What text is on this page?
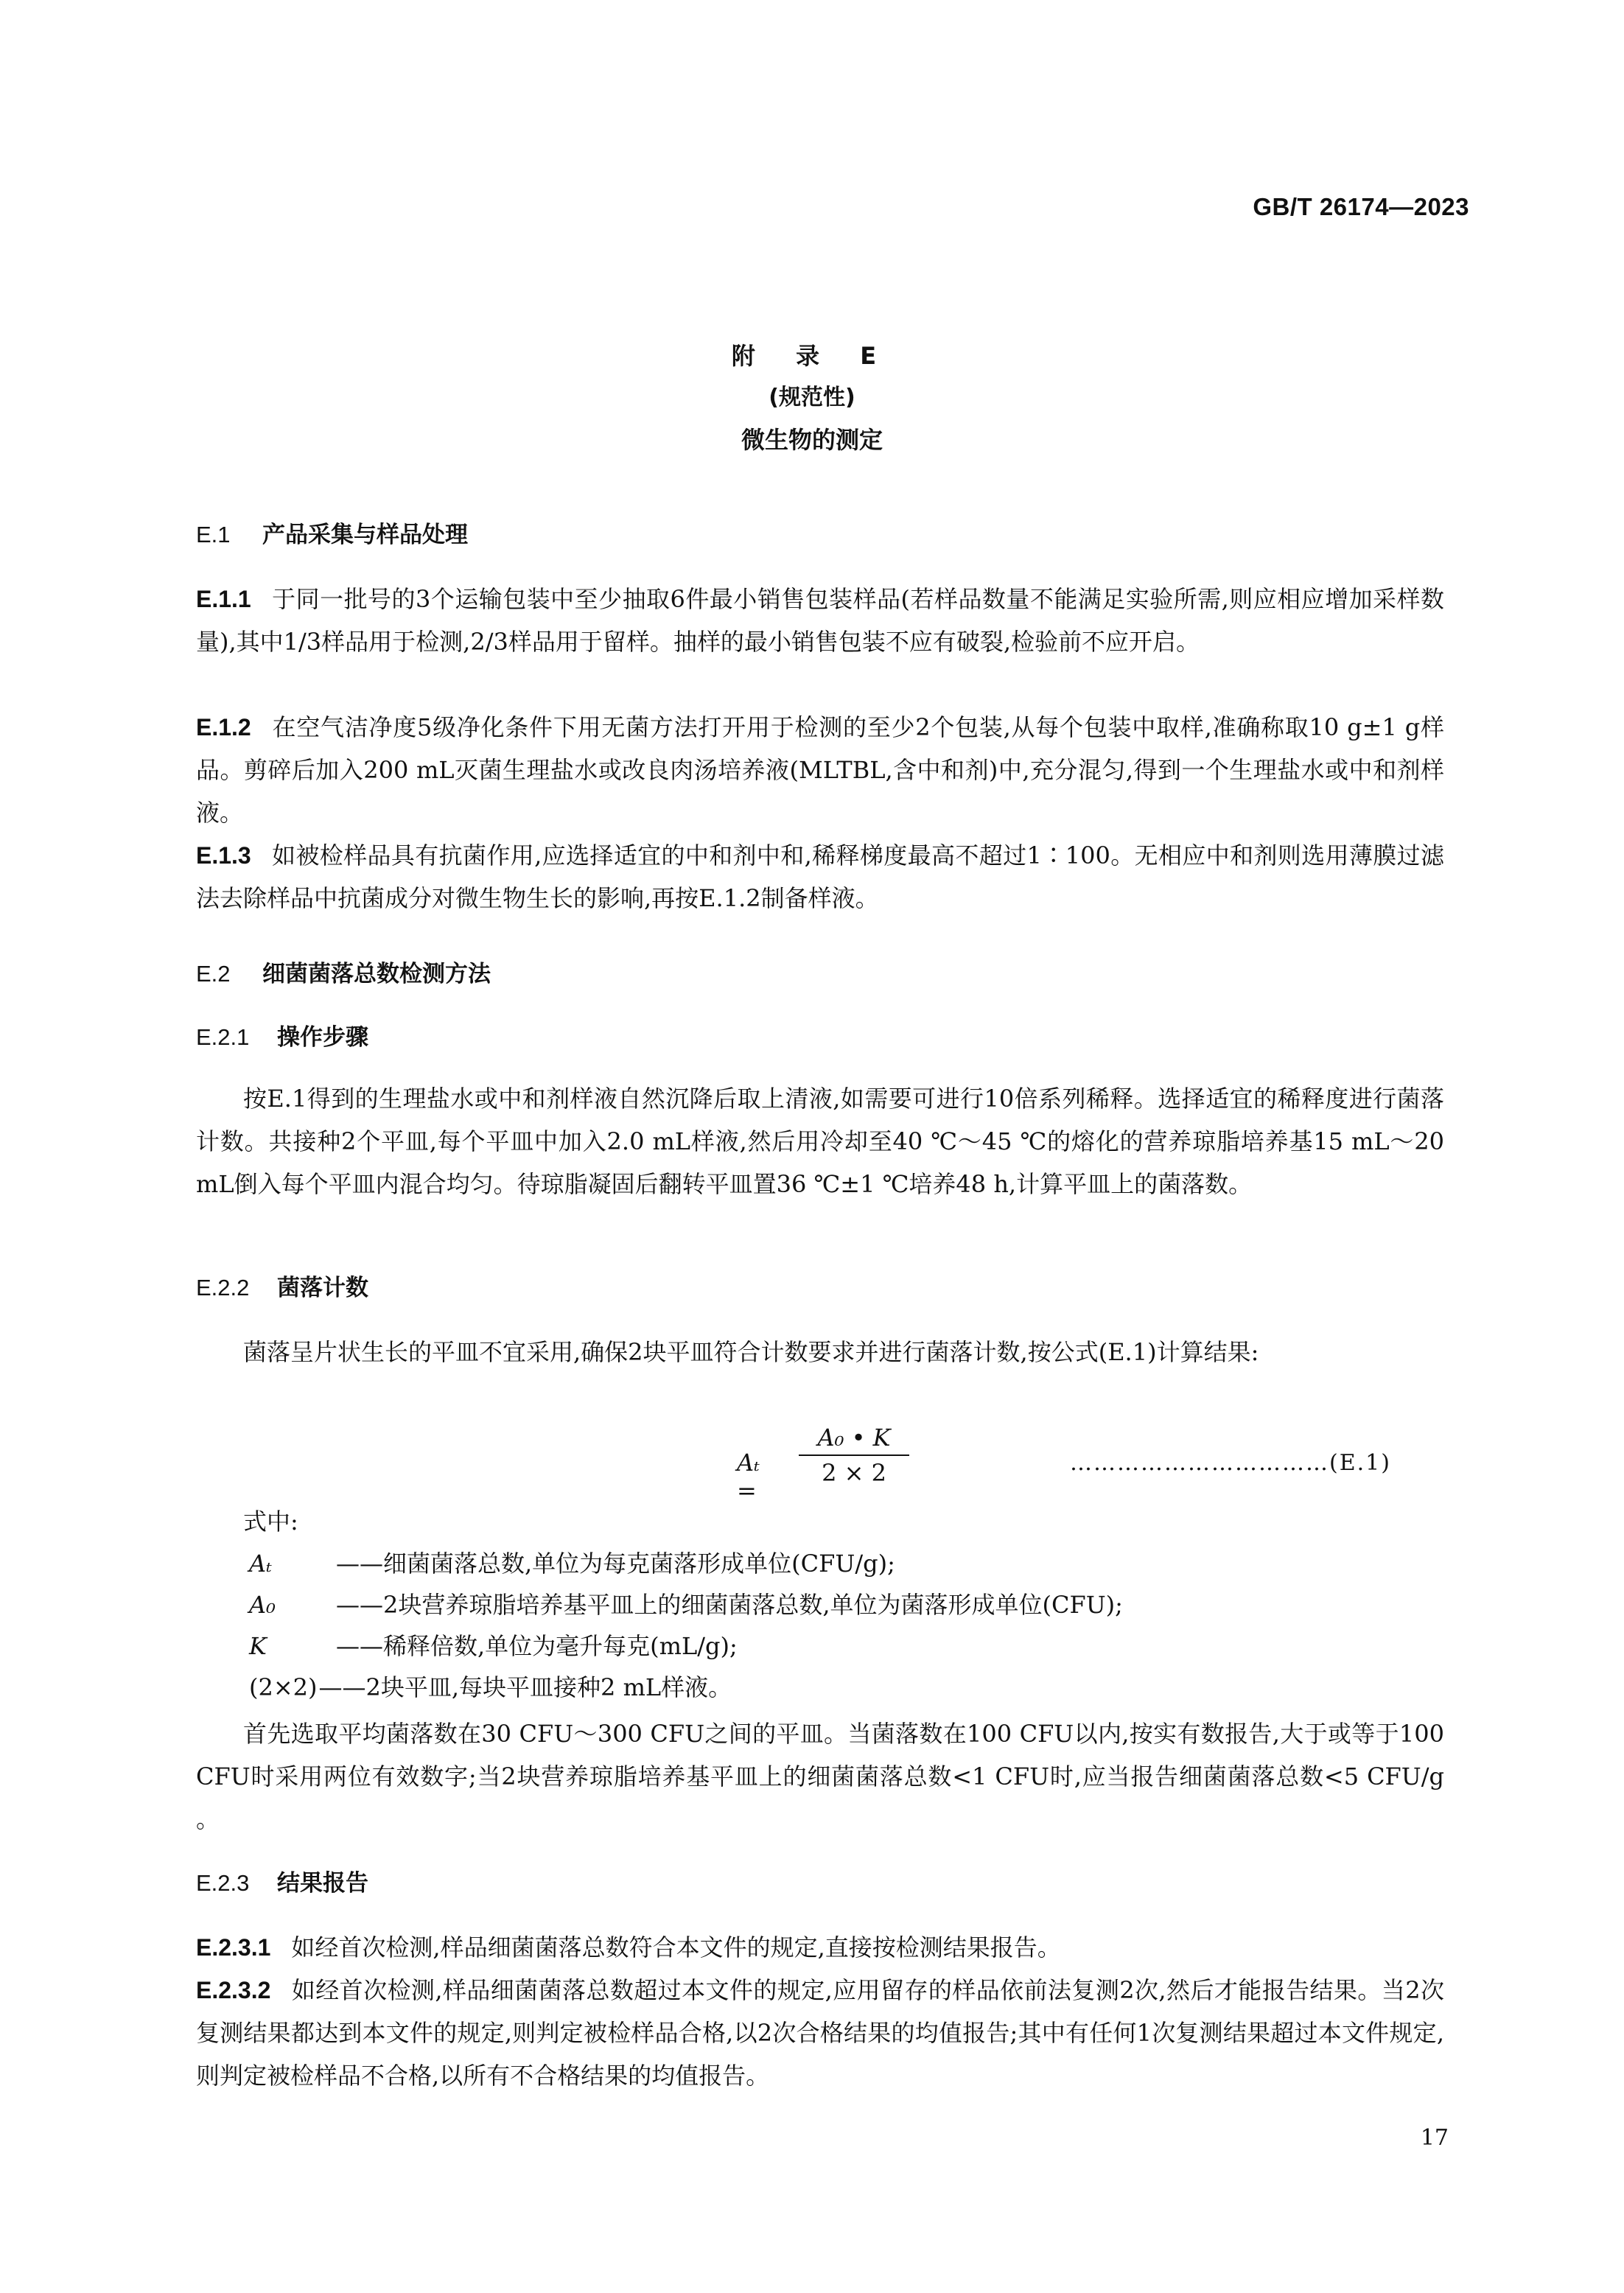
GB/T 26174—2023
附 录 E
(规范性)
微生物的测定
E.1 产品采集与样品处理
E.1.1 于同一批号的3个运输包装中至少抽取6件最小销售包装样品(若样品数量不能满足实验所需,则应相应增加采样数量),其中1/3样品用于检测,2/3样品用于留样。抽样的最小销售包装不应有破裂,检验前不应开启。
E.1.2 在空气洁净度5级净化条件下用无菌方法打开用于检测的至少2个包装,从每个包装中取样,准确称取10 g±1 g样品。剪碎后加入200 mL灭菌生理盐水或改良肉汤培养液(MLTBL,含中和剂)中,充分混匀,得到一个生理盐水或中和剂样液。
E.1.3 如被检样品具有抗菌作用,应选择适宜的中和剂中和,稀释梯度最高不超过1∶100。无相应中和剂则选用薄膜过滤法去除样品中抗菌成分对微生物生长的影响,再按E.1.2制备样液。
E.2 细菌菌落总数检测方法
E.2.1 操作步骤
按E.1得到的生理盐水或中和剂样液自然沉降后取上清液,如需要可进行10倍系列稀释。选择适宜的稀释度进行菌落计数。共接种2个平皿,每个平皿中加入2.0 mL样液,然后用冷却至40 ℃～45 ℃的熔化的营养琼脂培养基15 mL～20 mL倒入每个平皿内混合均匀。待琼脂凝固后翻转平皿置36 ℃±1 ℃培养48 h,计算平皿上的菌落数。
E.2.2 菌落计数
菌落呈片状生长的平皿不宜采用,确保2块平皿符合计数要求并进行菌落计数,按公式(E.1)计算结果:
Aₜ =
A₀ • K
2 × 2	……………………………(E.1)
式中:
Aₜ	——细菌菌落总数,单位为每克菌落形成单位(CFU/g);
A₀	——2块营养琼脂培养基平皿上的细菌菌落总数,单位为菌落形成单位(CFU);
K	——稀释倍数,单位为毫升每克(mL/g);
(2×2) ——2块平皿,每块平皿接种2 mL样液。
首先选取平均菌落数在30 CFU～300 CFU之间的平皿。当菌落数在100 CFU以内,按实有数报告,大于或等于100 CFU时采用两位有效数字;当2块营养琼脂培养基平皿上的细菌菌落总数<1 CFU时,应当报告细菌菌落总数<5 CFU/g 。
E.2.3 结果报告
E.2.3.1 如经首次检测,样品细菌菌落总数符合本文件的规定,直接按检测结果报告。
E.2.3.2 如经首次检测,样品细菌菌落总数超过本文件的规定,应用留存的样品依前法复测2次,然后才能报告结果。当2次复测结果都达到本文件的规定,则判定被检样品合格,以2次合格结果的均值报告;其中有任何1次复测结果超过本文件规定,则判定被检样品不合格,以所有不合格结果的均值报告。
17
